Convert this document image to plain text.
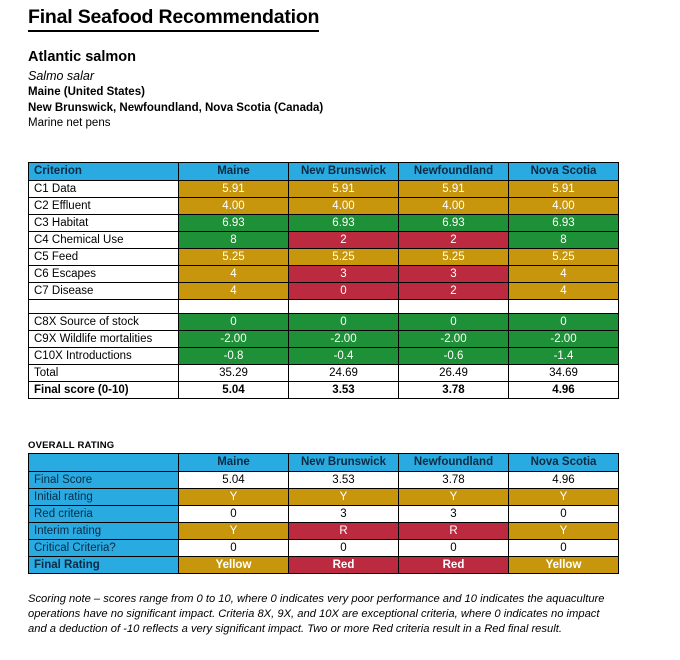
Final Seafood Recommendation
Atlantic salmon
Salmo salar
Maine (United States)
New Brunswick, Newfoundland, Nova Scotia (Canada)
Marine net pens
Criterion	Maine	New Brunswick	Newfoundland	Nova Scotia
C1 Data	5.91	5.91	5.91	5.91
C2 Effluent	4.00	4.00	4.00	4.00
C3 Habitat	6.93	6.93	6.93	6.93
C4 Chemical Use	8	2	2	8
C5 Feed	5.25	5.25	5.25	5.25
C6 Escapes	4	3	3	4
C7 Disease	4	0	2	4

C8X Source of stock	0	0	0	0
C9X Wildlife mortalities	-2.00	-2.00	-2.00	-2.00
C10X Introductions	-0.8	-0.4	-0.6	-1.4
Total	35.29	24.69	26.49	34.69
Final score (0-10)	5.04	3.53	3.78	4.96
OVERALL RATING
	Maine	New Brunswick	Newfoundland	Nova Scotia
Final Score	5.04	3.53	3.78	4.96
Initial rating	Y	Y	Y	Y
Red criteria	0	3	3	0
Interim rating	Y	R	R	Y
Critical Criteria?	0	0	0	0
Final Rating	Yellow	Red	Red	Yellow
Scoring note – scores range from 0 to 10, where 0 indicates very poor performance and 10 indicates the aquaculture operations have no significant impact. Criteria 8X, 9X, and 10X are exceptional criteria, where 0 indicates no impact and a deduction of -10 reflects a very significant impact. Two or more Red criteria result in a Red final result.
